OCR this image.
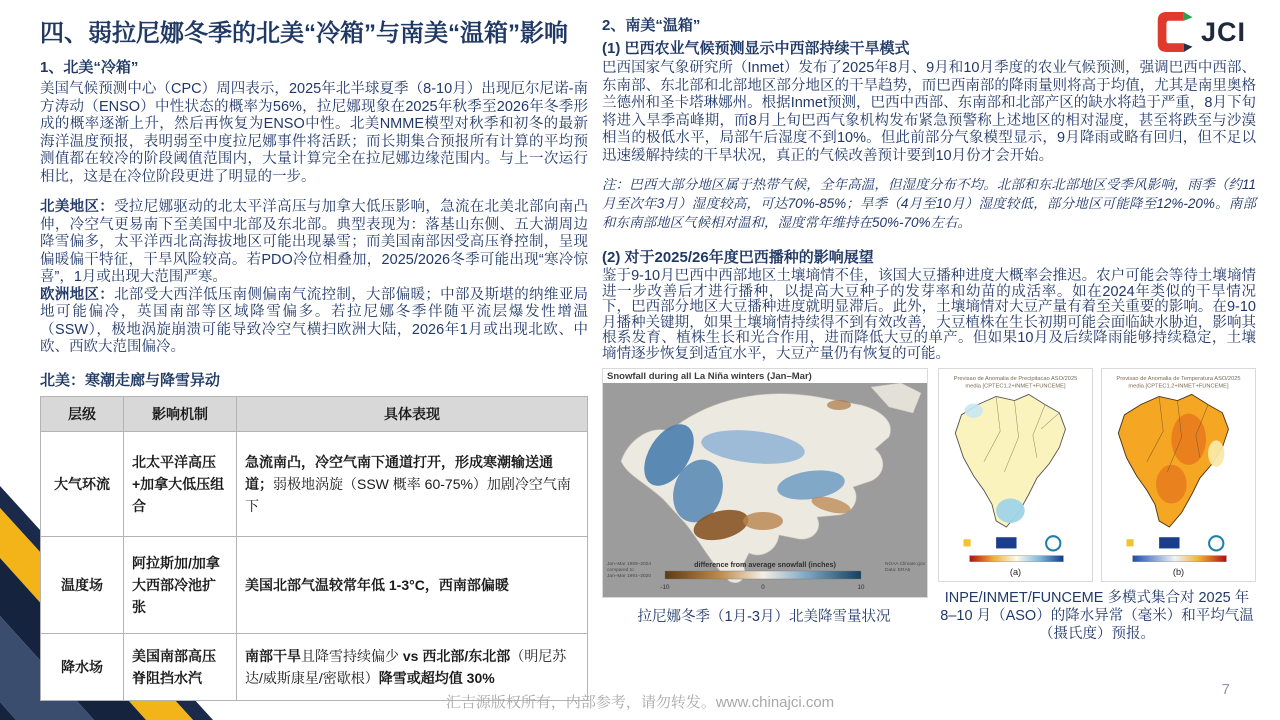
四、弱拉尼娜冬季的北美“冷箱”与南美“温箱”影响	JCI
1、北美“冷箱”

美国气候预测中心（CPC）周四表示，2025年北半球夏季（8-10月）出现厄尔尼诺-南方涛动（ENSO）中性状态的概率为56%，拉尼娜现象在2025年秋季至2026年冬季形成的概率逐渐上升，然后再恢复为ENSO中性。北美NMME模型对秋季和初冬的最新海洋温度预报，表明弱至中度拉尼娜事件将活跃；而长期集合预报所有计算的平均预测值都在较冷的阶段阈值范围内，大量计算完全在拉尼娜边缘范围内。与上一次运行相比，这是在冷位阶段更进了明显的一步。

北美地区：受拉尼娜驱动的北太平洋高压与加拿大低压影响，急流在北美北部向南凸伸，冷空气更易南下至美国中北部及东北部。典型表现为：落基山东侧、五大湖周边降雪偏多，太平洋西北高海拔地区可能出现暴雪；而美国南部因受高压脊控制，呈现偏暖偏干特征，干旱风险较高。若PDO冷位相叠加，2025/2026冬季可能出现“寒冷惊喜”，1月或出现大范围严寒。

欧洲地区：北部受大西洋低压南侧偏南气流控制，大部偏暖；中部及斯堪的纳维亚局地可能偏冷，英国南部等区域降雪偏多。若拉尼娜冬季伴随平流层爆发性增温（SSW），极地涡旋崩溃可能导致冷空气横扫欧洲大陆，2026年1月或出现北欧、中欧、西欧大范围偏冷。

北美：寒潮走廊与降雪异动
层级	影响机制	具体表现
大气环流	北太平洋高压+加拿大低压组合	急流南凸，冷空气南下通道打开，形成寒潮输送通道；弱极地涡旋（SSW 概率 60-75%）加剧冷空气南下
温度场	阿拉斯加/加拿大西部冷池扩张	美国北部气温较常年低 1-3°C，西南部偏暖
降水场	美国南部高压脊阻挡水汽	南部干旱且降雪持续偏少 vs 西北部/东北部（明尼苏达/威斯康星/密歇根）降雪或超均值 30%
2、南美“温箱”
(1) 巴西农业气候预测显示中西部持续干旱模式

巴西国家气象研究所（Inmet）发布了2025年8月、9月和10月季度的农业气候预测，强调巴西中西部、东南部、东北部和北部地区部分地区的干旱趋势，而巴西南部的降雨量则将高于均值，尤其是南里奥格兰德州和圣卡塔琳娜州。根据Inmet预测，巴西中西部、东南部和北部产区的缺水将趋于严重，8月下旬将进入旱季高峰期，而8月上旬巴西气象机构发布紧急预警称上述地区的相对湿度，甚至将跌至与沙漠相当的极低水平，局部午后湿度不到10%。但此前部分气象模型显示，9月降雨或略有回归，但不足以迅速缓解持续的干旱状况，真正的气候改善预计要到10月份才会开始。

注：巴西大部分地区属于热带气候，全年高温，但湿度分布不均。北部和东北部地区受季风影响，雨季（约11月至次年3月）湿度较高，可达70%-85%；旱季（4月至10月）湿度较低，部分地区可能降至12%-20%。南部和东南部地区气候相对温和，湿度常年维持在50%-70%左右。

(2) 对于2025/26年度巴西播种的影响展望

鉴于9-10月巴西中西部地区土壤墒情不佳，该国大豆播种进度大概率会推迟。农户可能会等待土壤墒情进一步改善后才进行播种，以提高大豆种子的发芽率和幼苗的成活率。如在2024年类似的干旱情况下，巴西部分地区大豆播种进度就明显滞后。此外，土壤墒情对大豆产量有着至关重要的影响。在9-10月播种关键期，如果土壤墒情持续得不到有效改善，大豆植株在生长初期可能会面临缺水胁迫，影响其根系发育、植株生长和光合作用，进而降低大豆的单产。但如果10月及后续降雨能够持续稳定，土壤墒情逐步恢复到适宜水平，大豆产量仍有恢复的可能。

Snowfall during all La Niña winters (Jan–Mar)
Jan–Mar 1959–2024
compared to
Jan–Mar 1991–2020
difference from average snowfall (inches)
-10	0	10
NOAA Climate.gov
Data: ERA5
拉尼娜冬季（1月-3月）北美降雪量状况
Previsao de Anomalia de Precipitacao ASO/2025
media [CPTEC1.2+INMET+FUNCEME]
(a)
Previsao de Anomalia de Temperatura ASO/2025
media [CPTEC1.2+INMET+FUNCEME]
(b)
INPE/INMET/FUNCEME 多模式集合对 2025 年 8–10 月（ASO）的降水异常（毫米）和平均气温（摄氏度）预报。
汇吉源版权所有，内部参考，请勿转发。www.chinajci.com
7
